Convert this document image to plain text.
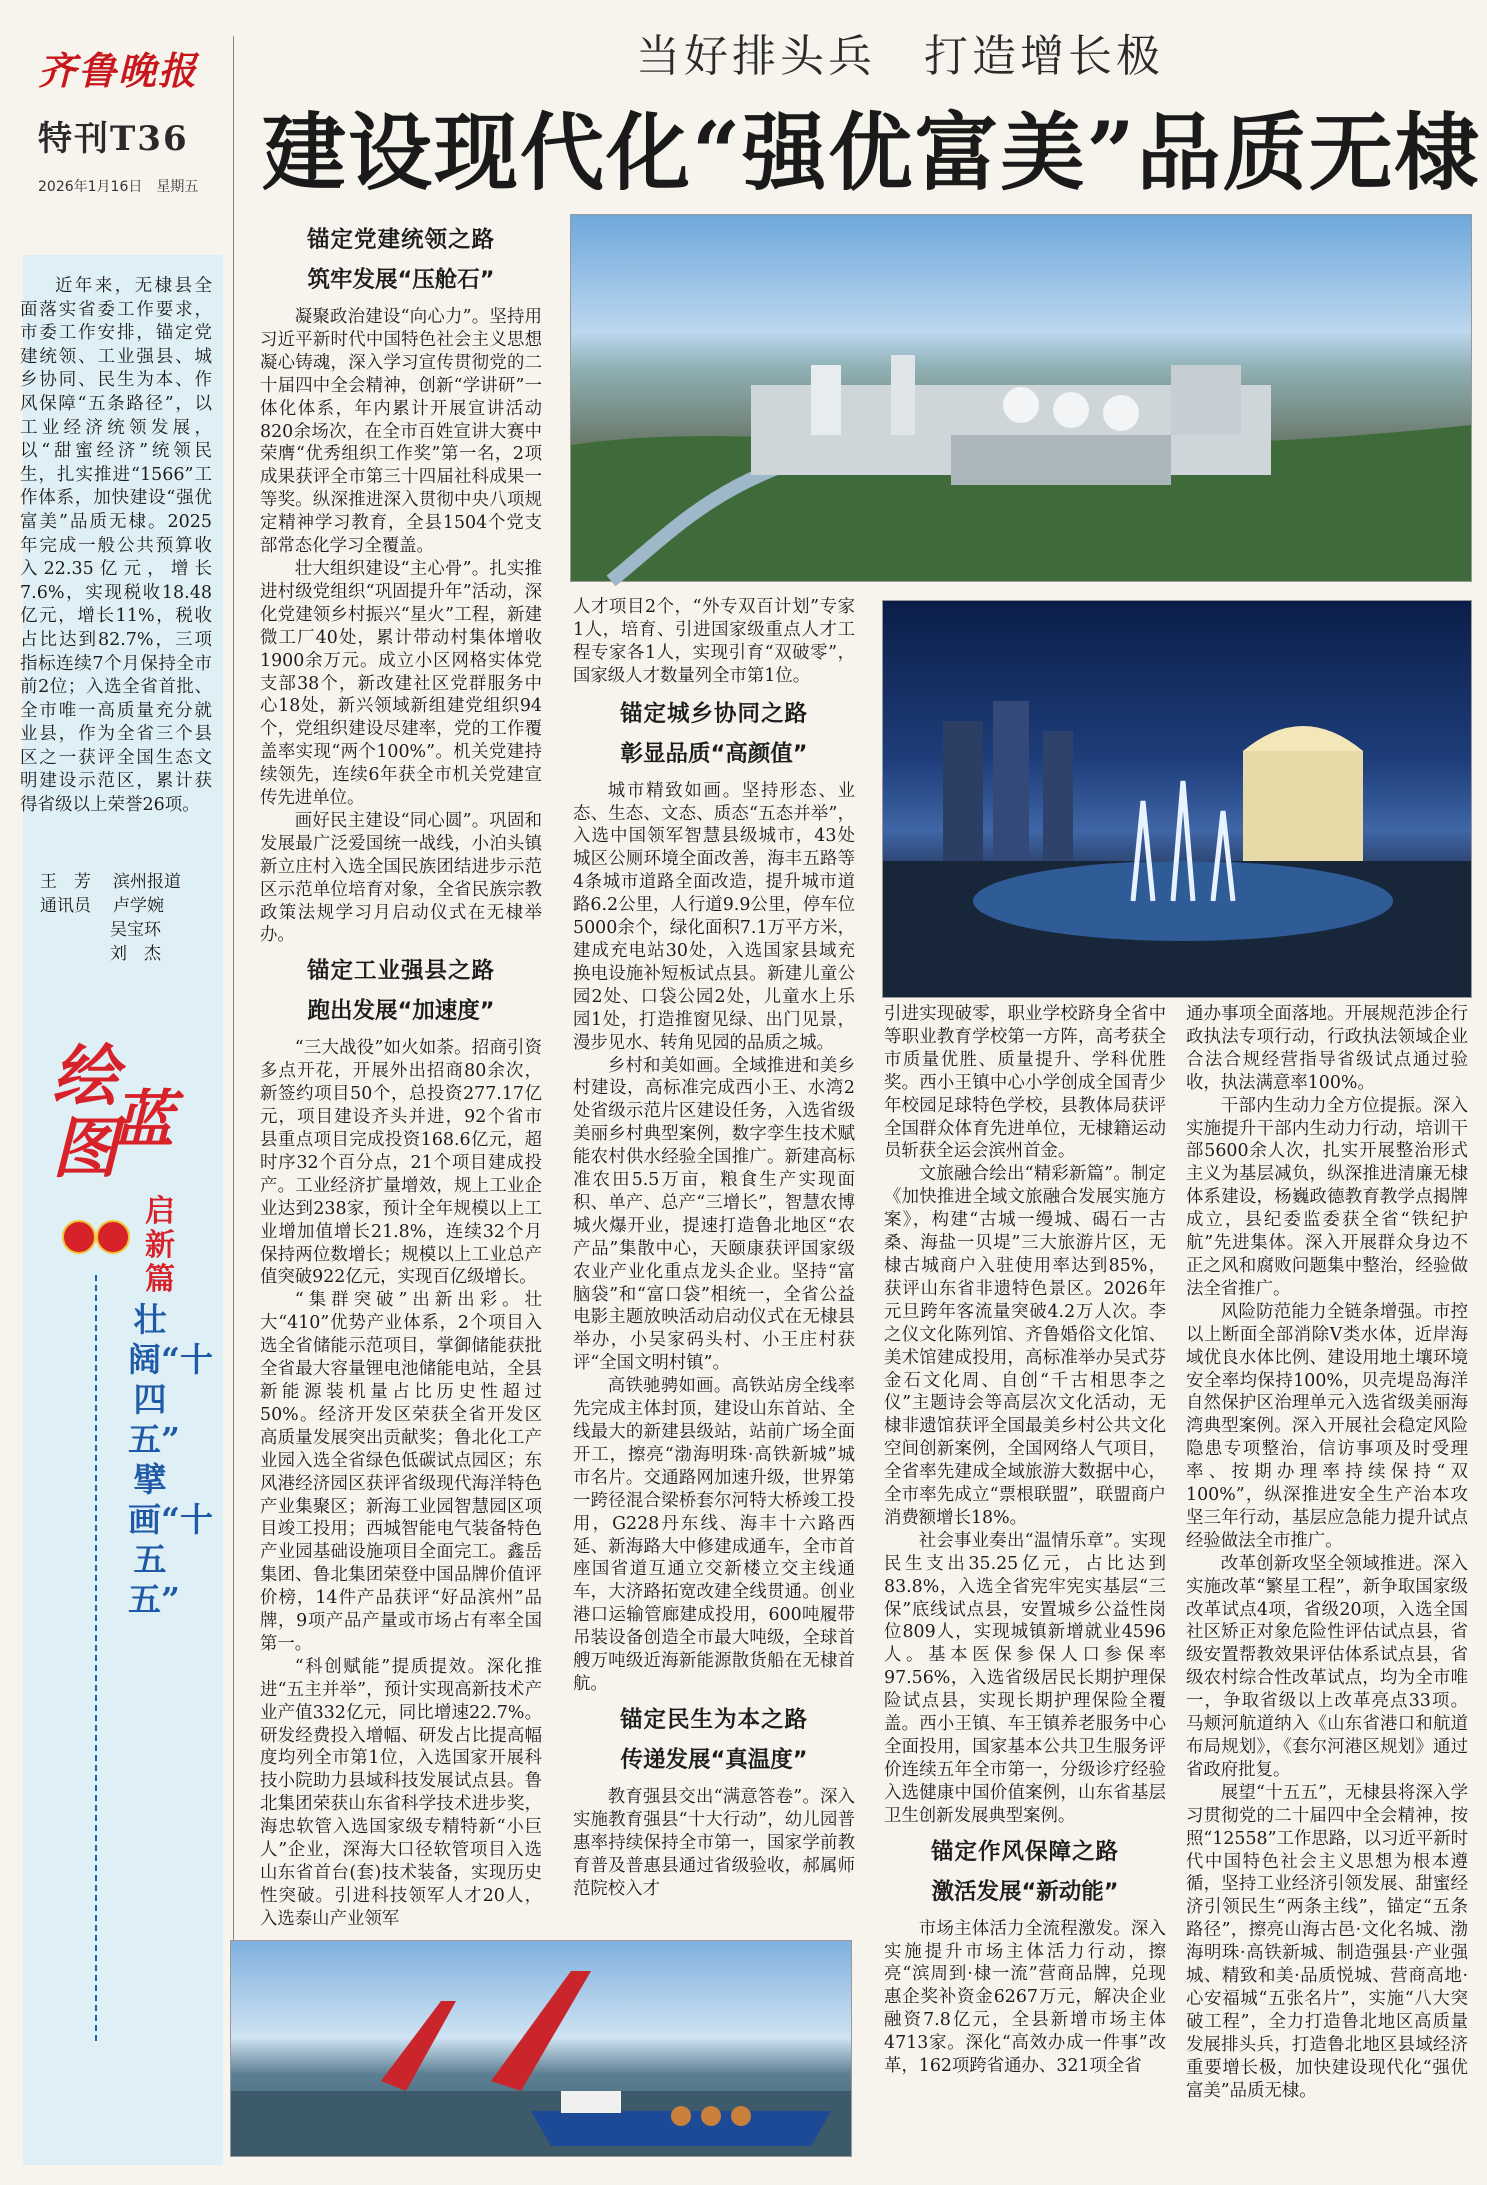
齐鲁晚报
特刊T36
2026年1月16日　星期五
当好排头兵　打造增长极
建设现代化“强优富美”品质无棣
近年来，无棣县全面落实省委工作要求，市委工作安排，锚定党建统领、工业强县、城乡协同、民生为本、作风保障“五条路径”，以工业经济统领发展，以“甜蜜经济”统领民生，扎实推进“1566”工作体系，加快建设“强优富美”品质无棣。2025年完成一般公共预算收入22.35亿元，增长7.6%，实现税收18.48亿元，增长11%，税收占比达到82.7%，三项指标连续7个月保持全市前2位；入选全省首批、全市唯一高质量充分就业县，作为全省三个县区之一获评全国生态文明建设示范区，累计获得省级以上荣誉26项。
王　芳 滨州报道
通讯员 卢学婉
吴宝环
刘　杰
绘
图
蓝
启新篇
壮阔“十四五” 擘画“十五五”
锚定党建统领之路
筑牢发展“压舱石”

凝聚政治建设“向心力”。坚持用习近平新时代中国特色社会主义思想凝心铸魂，深入学习宣传贯彻党的二十届四中全会精神，创新“学讲研”一体化体系，年内累计开展宣讲活动820余场次，在全市百姓宣讲大赛中荣膺“优秀组织工作奖”第一名，2项成果获评全市第三十四届社科成果一等奖。纵深推进深入贯彻中央八项规定精神学习教育，全县1504个党支部常态化学习全覆盖。

壮大组织建设“主心骨”。扎实推进村级党组织“巩固提升年”活动，深化党建领乡村振兴“星火”工程，新建微工厂40处，累计带动村集体增收1900余万元。成立小区网格实体党支部38个，新改建社区党群服务中心18处，新兴领域新组建党组织94个，党组织建设尽建率，党的工作覆盖率实现“两个100%”。机关党建持续领先，连续6年获全市机关党建宣传先进单位。

画好民主建设“同心圆”。巩固和发展最广泛爱国统一战线，小泊头镇新立庄村入选全国民族团结进步示范区示范单位培育对象，全省民族宗教政策法规学习月启动仪式在无棣举办。

锚定工业强县之路
跑出发展“加速度”

“三大战役”如火如荼。招商引资多点开花，开展外出招商80余次，新签约项目50个，总投资277.17亿元，项目建设齐头并进，92个省市县重点项目完成投资168.6亿元，超时序32个百分点，21个项目建成投产。工业经济扩量增效，规上工业企业达到238家，预计全年规模以上工业增加值增长21.8%，连续32个月保持两位数增长；规模以上工业总产值突破922亿元，实现百亿级增长。

“集群突破”出新出彩。壮大“410”优势产业体系，2个项目入选全省储能示范项目，掌御储能获批全省最大容量锂电池储能电站，全县新能源装机量占比历史性超过50%。经济开发区荣获全省开发区高质量发展突出贡献奖；鲁北化工产业园入选全省绿色低碳试点园区；东风港经济园区获评省级现代海洋特色产业集聚区；新海工业园智慧园区项目竣工投用；西城智能电气装备特色产业园基础设施项目全面完工。鑫岳集团、鲁北集团荣登中国品牌价值评价榜，14件产品获评“好品滨州”品牌，9项产品产量或市场占有率全国第一。

“科创赋能”提质提效。深化推进“五主并举”，预计实现高新技术产业产值332亿元，同比增速22.7%。研发经费投入增幅、研发占比提高幅度均列全市第1位，入选国家开展科技小院助力县域科技发展试点县。鲁北集团荣获山东省科学技术进步奖，海忠软管入选国家级专精特新“小巨人”企业，深海大口径软管项目入选山东省首台(套)技术装备，实现历史性突破。引进科技领军人才20人，入选泰山产业领军

人才项目2个，“外专双百计划”专家1人，培育、引进国家级重点人才工程专家各1人，实现引育“双破零”，国家级人才数量列全市第1位。

锚定城乡协同之路
彰显品质“高颜值”

城市精致如画。坚持形态、业态、生态、文态、质态“五态并举”，入选中国领军智慧县级城市，43处城区公厕环境全面改善，海丰五路等4条城市道路全面改造，提升城市道路6.2公里，人行道9.9公里，停车位5000余个，绿化面积7.1万平方米，建成充电站30处，入选国家县域充换电设施补短板试点县。新建儿童公园2处、口袋公园2处，儿童水上乐园1处，打造推窗见绿、出门见景，漫步见水、转角见园的品质之城。

乡村和美如画。全域推进和美乡村建设，高标准完成西小王、水湾2处省级示范片区建设任务，入选省级美丽乡村典型案例，数字孪生技术赋能农村供水经验全国推广。新建高标准农田5.5万亩，粮食生产实现面积、单产、总产“三增长”，智慧农博城火爆开业，提速打造鲁北地区“农产品”集散中心，天颐康获评国家级农业产业化重点龙头企业。坚持“富脑袋”和“富口袋”相统一，全省公益电影主题放映活动启动仪式在无棣县举办，小吴家码头村、小王庄村获评“全国文明村镇”。

高铁驰骋如画。高铁站房全线率先完成主体封顶，建设山东首站、全线最大的新建县级站，站前广场全面开工，擦亮“渤海明珠·高铁新城”城市名片。交通路网加速升级，世界第一跨径混合梁桥套尔河特大桥竣工投用，G228丹东线、海丰十六路西延、新海路大中修建成通车，全市首座国省道互通立交新楼立交主线通车，大济路拓宽改建全线贯通。创业港口运输管廊建成投用，600吨履带吊装设备创造全市最大吨级，全球首艘万吨级近海新能源散货船在无棣首航。

锚定民生为本之路
传递发展“真温度”

教育强县交出“满意答卷”。深入实施教育强县“十大行动”，幼儿园普惠率持续保持全市第一，国家学前教育普及普惠县通过省级验收，郝属师范院校入才

引进实现破零，职业学校跻身全省中等职业教育学校第一方阵，高考获全市质量优胜、质量提升、学科优胜奖。西小王镇中心小学创成全国青少年校园足球特色学校，县教体局获评全国群众体育先进单位，无棣籍运动员斩获全运会滨州首金。

文旅融合绘出“精彩新篇”。制定《加快推进全域文旅融合发展实施方案》，构建“古城一缦城、碣石一古桑、海盐一贝堤”三大旅游片区，无棣古城商户入驻使用率达到85%，获评山东省非遗特色景区。2026年元旦跨年客流量突破4.2万人次。李之仪文化陈列馆、齐鲁婚俗文化馆、美术馆建成投用，高标准举办吴式芬金石文化周、自创“千古相思李之仪”主题诗会等高层次文化活动，无棣非遗馆获评全国最美乡村公共文化空间创新案例，全国网络人气项目，全省率先建成全域旅游大数据中心，全市率先成立“票根联盟”，联盟商户消费额增长18%。

社会事业奏出“温情乐章”。实现民生支出35.25亿元，占比达到83.8%，入选全省宪牢宪实基层“三保”底线试点县，安置城乡公益性岗位809人，实现城镇新增就业4596人。基本医保参保人口参保率97.56%，入选省级居民长期护理保险试点县，实现长期护理保险全覆盖。西小王镇、车王镇养老服务中心全面投用，国家基本公共卫生服务评价连续五年全市第一，分级诊疗经验入选健康中国价值案例，山东省基层卫生创新发展典型案例。

锚定作风保障之路
激活发展“新动能”

市场主体活力全流程激发。深入实施提升市场主体活力行动，擦亮“滨周到·棣一流”营商品牌，兑现惠企奖补资金6267万元，解决企业融资7.8亿元，全县新增市场主体4713家。深化“高效办成一件事”改革，162项跨省通办、321项全省

通办事项全面落地。开展规范涉企行政执法专项行动，行政执法领域企业合法合规经营指导省级试点通过验收，执法满意率100%。

干部内生动力全方位提振。深入实施提升干部内生动力行动，培训干部5600余人次，扎实开展整治形式主义为基层减负，纵深推进清廉无棣体系建设，杨巍政德教育教学点揭牌成立，县纪委监委获全省“铁纪护航”先进集体。深入开展群众身边不正之风和腐败问题集中整治，经验做法全省推广。

风险防范能力全链条增强。市控以上断面全部消除V类水体，近岸海域优良水体比例、建设用地土壤环境安全率均保持100%，贝壳堤岛海洋自然保护区治理单元入选省级美丽海湾典型案例。深入开展社会稳定风险隐患专项整治，信访事项及时受理率、按期办理率持续保持“双100%”，纵深推进安全生产治本攻坚三年行动，基层应急能力提升试点经验做法全市推广。

改革创新攻坚全领域推进。深入实施改革“繁星工程”，新争取国家级改革试点4项，省级20项，入选全国社区矫正对象危险性评估试点县，省级安置帮教效果评估体系试点县，省级农村综合性改革试点，均为全市唯一，争取省级以上改革亮点33项。马颊河航道纳入《山东省港口和航道布局规划》，《套尔河港区规划》通过省政府批复。

展望“十五五”，无棣县将深入学习贯彻党的二十届四中全会精神，按照“12558”工作思路，以习近平新时代中国特色社会主义思想为根本遵循，坚持工业经济引领发展、甜蜜经济引领民生“两条主线”，锚定“五条路径”，擦亮山海古邑·文化名城、渤海明珠·高铁新城、制造强县·产业强城、精致和美·品质悦城、营商高地·心安福城“五张名片”，实施“八大突破工程”，全力打造鲁北地区高质量发展排头兵，打造鲁北地区县域经济重要增长极，加快建设现代化“强优富美”品质无棣。
